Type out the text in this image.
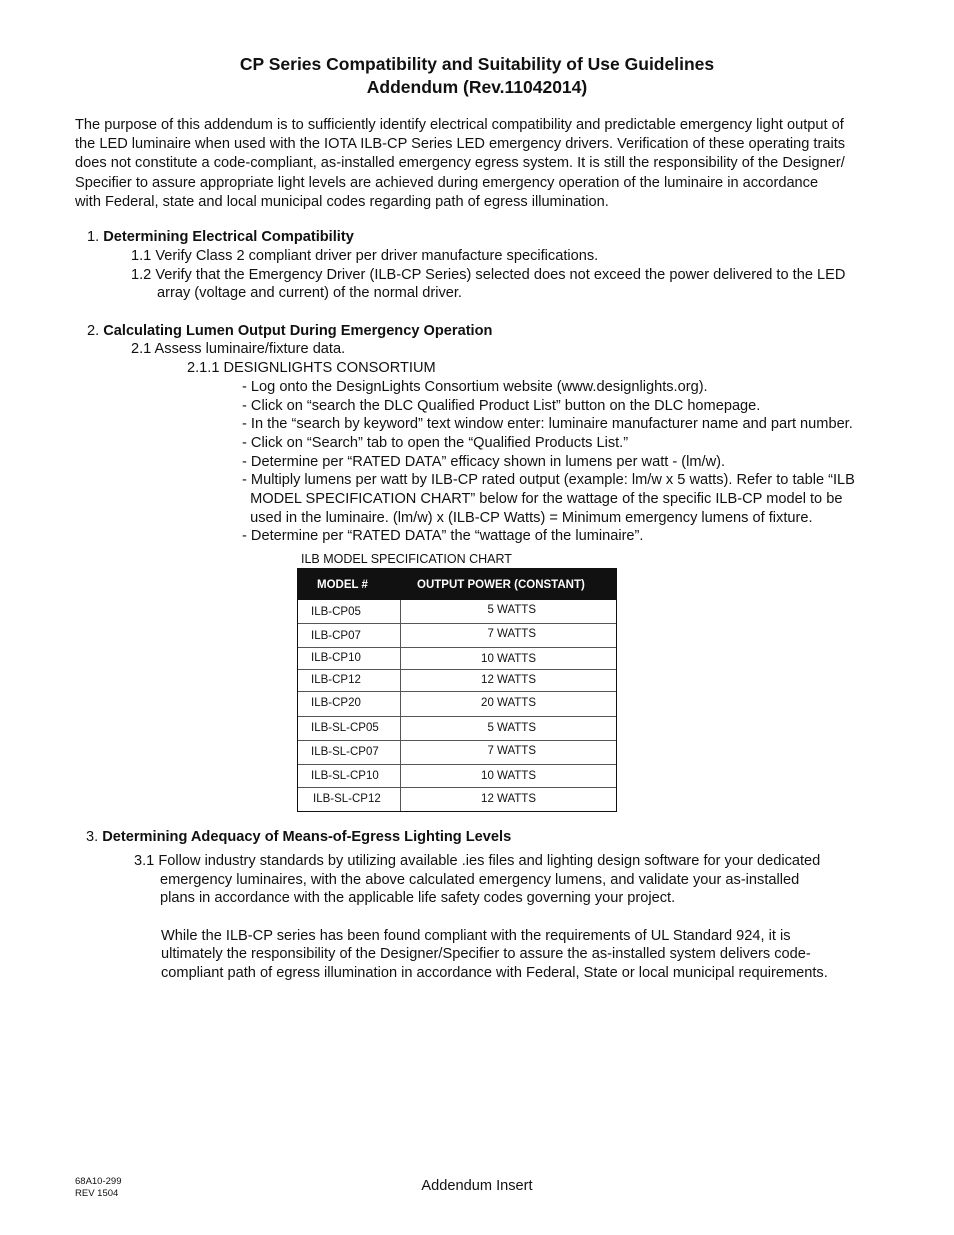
CP Series Compatibility and Suitability of Use Guidelines
Addendum (Rev.11042014)
The purpose of this addendum is to sufficiently identify electrical compatibility and predictable emergency light output of
the LED luminaire when used with the IOTA ILB-CP Series LED emergency drivers. Verification of these operating traits
does not constitute a code-compliant, as-installed emergency egress system. It is still the responsibility of the Designer/
Specifier to assure appropriate light levels are achieved during emergency operation of the luminaire in accordance
with Federal, state and local municipal codes regarding path of egress illumination.
1. Determining Electrical Compatibility
1.1 Verify Class 2 compliant driver per driver manufacture specifications.
1.2 Verify that the Emergency Driver (ILB-CP Series) selected does not exceed the power delivered to the LED
array (voltage and current) of the normal driver.
2. Calculating Lumen Output During Emergency Operation
2.1 Assess luminaire/fixture data.
2.1.1 DESIGNLIGHTS CONSORTIUM
- Log onto the DesignLights Consortium website (www.designlights.org).
- Click on “search the DLC Qualified Product List” button on the DLC homepage.
- In the “search by keyword” text window enter: luminaire manufacturer name and part number.
- Click on “Search” tab to open the “Qualified Products List.”
- Determine per “RATED DATA” efficacy shown in lumens per watt - (lm/w).
- Multiply lumens per watt by ILB-CP rated output (example: lm/w x 5 watts). Refer to table “ILB
MODEL SPECIFICATION CHART” below for the wattage of the specific ILB-CP model to be
used in the luminaire. (lm/w) x (ILB-CP Watts) = Minimum emergency lumens of fixture.
- Determine per “RATED DATA” the “wattage of the luminaire”.
ILB MODEL SPECIFICATION CHART
MODEL #	OUTPUT POWER (CONSTANT)
ILB-CP05	5 WATTS
ILB-CP07	7 WATTS
ILB-CP10	10 WATTS
ILB-CP12	12 WATTS
ILB-CP20	20 WATTS
ILB-SL-CP05	5 WATTS
ILB-SL-CP07	7 WATTS
ILB-SL-CP10	10 WATTS
ILB-SL-CP12	12 WATTS
3. Determining Adequacy of Means-of-Egress Lighting Levels
3.1 Follow industry standards by utilizing available .ies files and lighting design software for your dedicated
emergency luminaires, with the above calculated emergency lumens, and validate your as-installed
plans in accordance with the applicable life safety codes governing your project.
While the ILB-CP series has been found compliant with the requirements of UL Standard 924, it is
ultimately the responsibility of the Designer/Specifier to assure the as-installed system delivers code-
compliant path of egress illumination in accordance with Federal, State or local municipal requirements.
68A10-299
REV 1504	Addendum Insert
